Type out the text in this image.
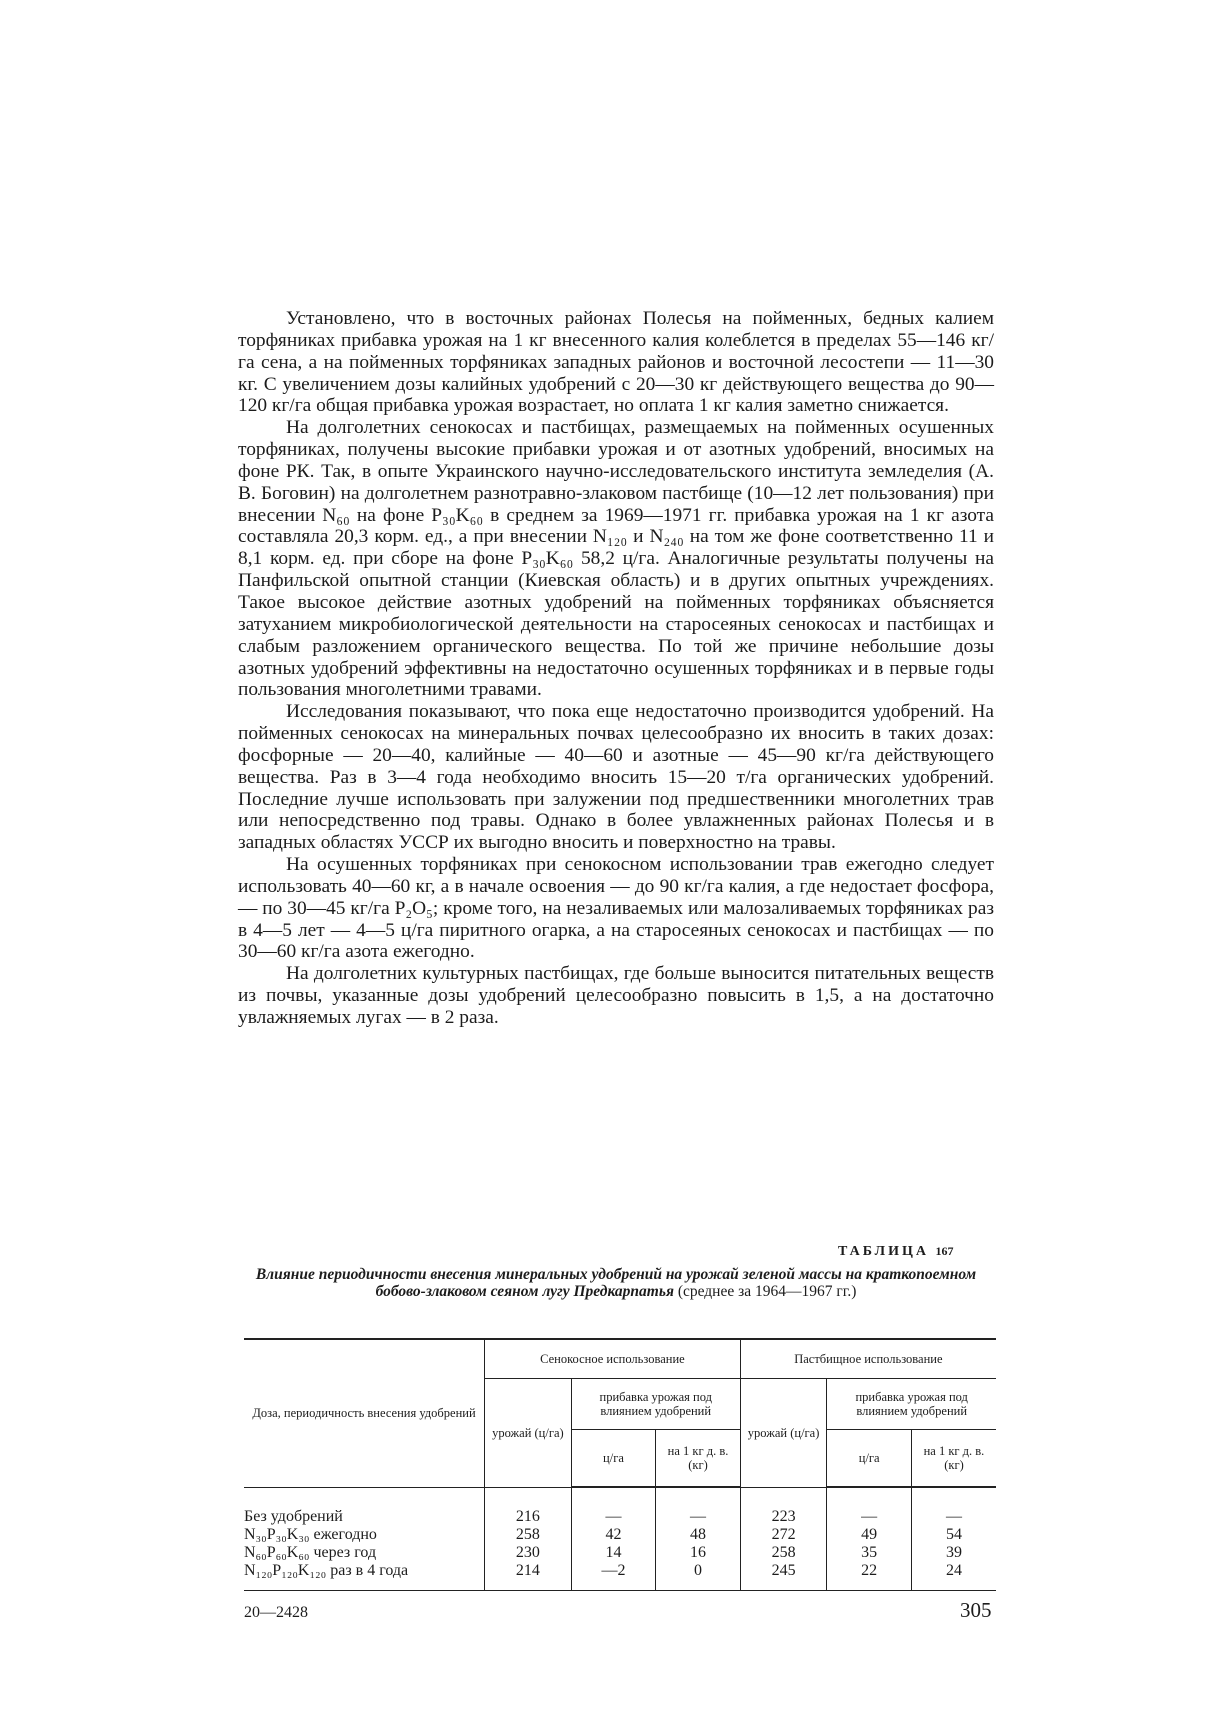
Установлено, что в восточных районах Полесья на пойменных, бедных калием торфяниках прибавка урожая на 1 кг внесенного калия колеблется в пределах 55—146 кг/га сена, а на пойменных торфяниках западных районов и восточной лесостепи — 11—30 кг. С увеличением дозы калийных удобрений с 20—30 кг действующего вещества до 90—120 кг/га общая прибавка урожая возрастает, но оплата 1 кг калия заметно снижается.

На долголетних сенокосах и пастбищах, размещаемых на пойменных осушенных торфяниках, получены высокие прибавки урожая и от азотных удобрений, вносимых на фоне РК. Так, в опыте Украинского научно-исследовательского института земледелия (А. В. Боговин) на долголетнем разнотравно-злаковом пастбище (10—12 лет пользования) при внесении N₆₀ на фоне P₃₀K₆₀ в среднем за 1969—1971 гг. прибавка урожая на 1 кг азота составляла 20,3 корм. ед., а при внесении N₁₂₀ и N₂₄₀ на том же фоне соответственно 11 и 8,1 корм. ед. при сборе на фоне P₃₀K₆₀ 58,2 ц/га. Аналогичные результаты получены на Панфильской опытной станции (Киевская область) и в других опытных учреждениях. Такое высокое действие азотных удобрений на пойменных торфяниках объясняется затуханием микробиологической деятельности на старосеяных сенокосах и пастбищах и слабым разложением органического вещества. По той же причине небольшие дозы азотных удобрений эффективны на недостаточно осушенных торфяниках и в первые годы пользования многолетними травами.

Исследования показывают, что пока еще недостаточно производится удобрений. На пойменных сенокосах на минеральных почвах целесообразно их вносить в таких дозах: фосфорные — 20—40, калийные — 40—60 и азотные — 45—90 кг/га действующего вещества. Раз в 3—4 года необходимо вносить 15—20 т/га органических удобрений. Последние лучше использовать при залужении под предшественники многолетних трав или непосредственно под травы. Однако в более увлажненных районах Полесья и в западных областях УССР их выгодно вносить и поверхностно на травы.

На осушенных торфяниках при сенокосном использовании трав ежегодно следует использовать 40—60 кг, а в начале освоения — до 90 кг/га калия, а где недостает фосфора, — по 30—45 кг/га P₂O₅; кроме того, на незаливаемых или малозаливаемых торфяниках раз в 4—5 лет — 4—5 ц/га пиритного огарка, а на старосеяных сенокосах и пастбищах — по 30—60 кг/га азота ежегодно.

На долголетних культурных пастбищах, где больше выносится питательных веществ из почвы, указанные дозы удобрений целесообразно повысить в 1,5, а на достаточно увлажняемых лугах — в 2 раза.

ТАБЛИЦА 167
Влияние периодичности внесения минеральных удобрений на урожай зеленой массы на краткопоемном бобово-злаковом сеяном лугу Предкарпатья (среднее за 1964—1967 гг.)
Доза, периодичность внесения удобрений	Сенокосное использование			Пастбищное использование		
	урожай (ц/га)	прибавка урожая под влиянием удобрений		урожай (ц/га)	прибавка урожая под влиянием удобрений	
		ц/га	на 1 кг д. в. (кг)		ц/га	на 1 кг д. в. (кг)
Без удобрений	216	—	—	223	—	—
N₃₀P₃₀K₃₀ ежегодно	258	42	48	272	49	54
N₆₀P₆₀K₆₀ через год	230	14	16	258	35	39
N₁₂₀P₁₂₀K₁₂₀ раз в 4 года	214	—2	0	245	22	24
20—2428	305
